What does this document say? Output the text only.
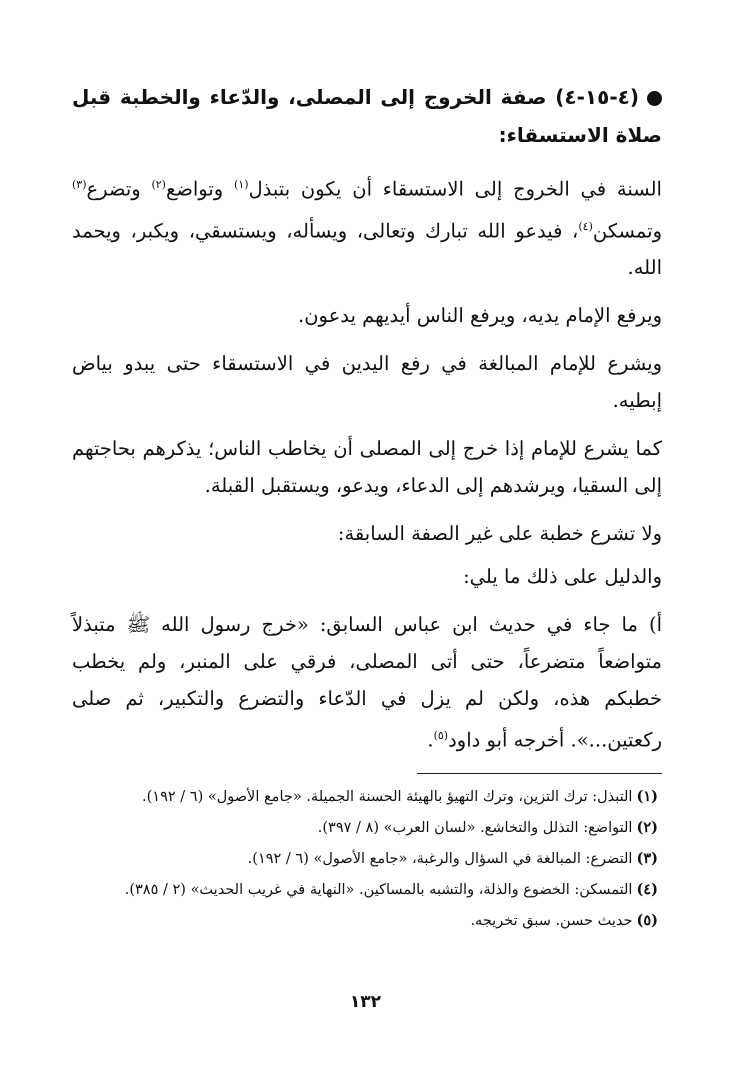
(٤-١٥-٤) صفة الخروج إلى المصلى، والدّعاء والخطبة قبل صلاة الاستسقاء:

السنة في الخروج إلى الاستسقاء أن يكون بتبذل$^{(١)}$ وتواضع$^{(٢)}$ وتضرع$^{(٣)}$ وتمسكن$^{(٤)}$، فيدعو الله تبارك وتعالى، ويسأله، ويستسقي، ويكبر، ويحمد الله.

ويرفع الإمام يديه، ويرفع الناس أيديهم يدعون.

ويشرع للإمام المبالغة في رفع اليدين في الاستسقاء حتى يبدو بياض إبطيه.

كما يشرع للإمام إذا خرج إلى المصلى أن يخاطب الناس؛ يذكرهم بحاجتهم إلى السقيا، ويرشدهم إلى الدعاء، ويدعو، ويستقبل القبلة.

ولا تشرع خطبة على غير الصفة السابقة:

والدليل على ذلك ما يلي:

أ) ما جاء في حديث ابن عباس السابق: «خرج رسول الله ﷺ متبذلاً متواضعاً متضرعاً، حتى أتى المصلى، فرقي على المنبر، ولم يخطب خطبكم هذه، ولكن لم يزل في الدّعاء والتضرع والتكبير، ثم صلى ركعتين...». أخرجه أبو داود$^{(٥)}$.

(١)التبذل: ترك التزين، وترك التهيؤ بالهيئة الحسنة الجميلة. «جامع الأصول» (٦ / ١٩٢).

(٢)التواضع: التذلل والتخاشع. «لسان العرب» (٨ / ٣٩٧).

(٣)التضرع: المبالغة في السؤال والرغبة، «جامع الأصول» (٦ / ١٩٢).

(٤)التمسكن: الخضوع والذلة، والتشبه بالمساكين. «النهاية في غريب الحديث» (٢ / ٣٨٥).

(٥)حديث حسن. سبق تخريجه.

١٣٢
